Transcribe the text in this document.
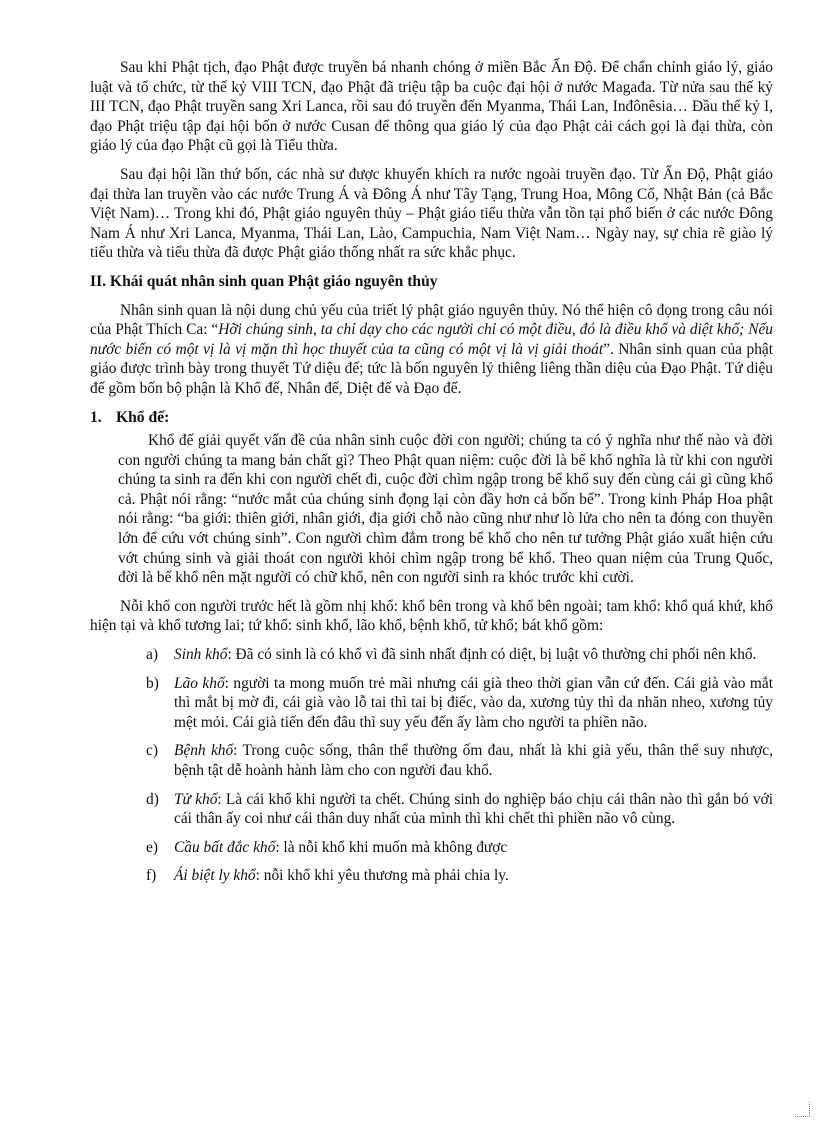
Sau khi Phật tịch, đạo Phật được truyền bá nhanh chóng ở miền Bắc Ấn Độ. Để chấn chỉnh giáo lý, giáo luật và tổ chức, từ thế kỷ VIII TCN, đạo Phật đã triệu tập ba cuộc đại hội ở nước Magađa. Từ nửa sau thế kỷ III TCN, đạo Phật truyền sang Xri Lanca, rồi sau đó truyền đến Myanma, Thái Lan, Inđônêsia… Đầu thế kỷ I, đạo Phật triệu tập đại hội bốn ở nước Cusan để thông qua giáo lý của đạo Phật cải cách gọi là đại thừa, còn giáo lý của đạo Phật cũ gọi là Tiểu thừa.

Sau đại hội lần thứ bốn, các nhà sư được khuyến khích ra nước ngoài truyền đạo. Từ Ấn Độ, Phật giáo đại thừa lan truyền vào các nước Trung Á và Đông Á như Tây Tạng, Trung Hoa, Mông Cổ, Nhật Bản (cả Bắc Việt Nam)… Trong khi đó, Phật giáo nguyên thủy – Phật giáo tiểu thừa vẫn tồn tại phổ biến ở các nước Đông Nam Á như Xri Lanca, Myanma, Thái Lan, Lào, Campuchia, Nam Việt Nam… Ngày nay, sự chia rẽ giào lý tiểu thừa và tiểu thừa đã được Phật giáo thống nhất ra sức khắc phục.

II. Khái quát nhân sinh quan Phật giáo nguyên thủy

Nhân sinh quan là nội dung chủ yếu của triết lý phật giáo nguyên thủy. Nó thể hiện cô đọng trong câu nói của Phật Thích Ca: “Hỡi chúng sinh, ta chỉ dạy cho các người chỉ có một điều, đó là điều khổ và diệt khổ; Nếu nước biển có một vị là vị mặn thì học thuyết của ta cũng có một vị là vị giải thoát”. Nhân sinh quan của phật giáo được trình bày trong thuyết Tứ diệu đế; tức là bốn nguyên lý thiêng liêng thần diệu của Đạo Phật. Tứ diệu đế gồm bốn bộ phận là Khổ đế, Nhân đế, Diệt đế và Đạo đế.

1. Khổ đế:

Khổ đế giải quyết vấn đề của nhân sinh cuộc đời con người; chúng ta có ý nghĩa như thế nào và đời con người chúng ta mang bản chất gì? Theo Phật quan niệm: cuộc đời là bể khổ nghĩa là từ khi con người chúng ta sinh ra đến khi con người chết đi, cuộc đời chìm ngập trong bể khổ suy đến cùng cái gì cũng khổ cả. Phật nói rằng: “nước mắt của chúng sinh đọng lại còn đầy hơn cả bốn bể”. Trong kinh Pháp Hoa phật nói rằng: “ba giới: thiên giới, nhân giới, địa giới chỗ nào cũng như như lò lửa cho nên ta đóng con thuyền lớn để cứu vớt chúng sinh”. Con người chìm đắm trong bể khổ cho nên tư tưởng Phật giáo xuất hiện cứu vớt chúng sinh và giải thoát con người khỏi chìm ngập trong bể khổ. Theo quan niệm của Trung Quốc, đời là bể khổ nên mặt người có chữ khổ, nên con người sinh ra khóc trước khi cười.

Nỗi khổ con người trước hết là gồm nhị khổ: khổ bên trong và khổ bên ngoài; tam khổ: khổ quá khứ, khổ hiện tại và khổ tương lai; tứ khổ: sinh khổ, lão khổ, bệnh khổ, tử khổ; bát khổ gồm:

a) Sinh khổ: Đã có sinh là có khổ vì đã sinh nhất định có diệt, bị luật vô thường chi phối nên khổ.
b) Lão khổ: người ta mong muốn trẻ mãi nhưng cái già theo thời gian vẫn cứ đến. Cái già vào mắt thì mắt bị mờ đi, cái già vào lỗ tai thì tai bị điếc, vào da, xương tủy thì da nhăn nheo, xương tủy mệt mỏi. Cái già tiến đến đâu thì suy yếu đến ấy làm cho người ta phiền não.
c) Bệnh khổ: Trong cuộc sống, thân thể thường ốm đau, nhất là khi già yếu, thân thể suy nhược, bệnh tật dễ hoành hành làm cho con người đau khổ.
d) Tử khổ: Là cái khổ khi người ta chết. Chúng sinh do nghiệp báo chịu cái thân nào thì gắn bó với cái thân ấy coi như cái thân duy nhất của mình thì khi chết thì phiền não vô cùng.
e) Cầu bất đắc khổ: là nỗi khổ khi muốn mà không được
f) Ái biệt ly khổ: nỗi khổ khi yêu thương mà phải chia ly.
